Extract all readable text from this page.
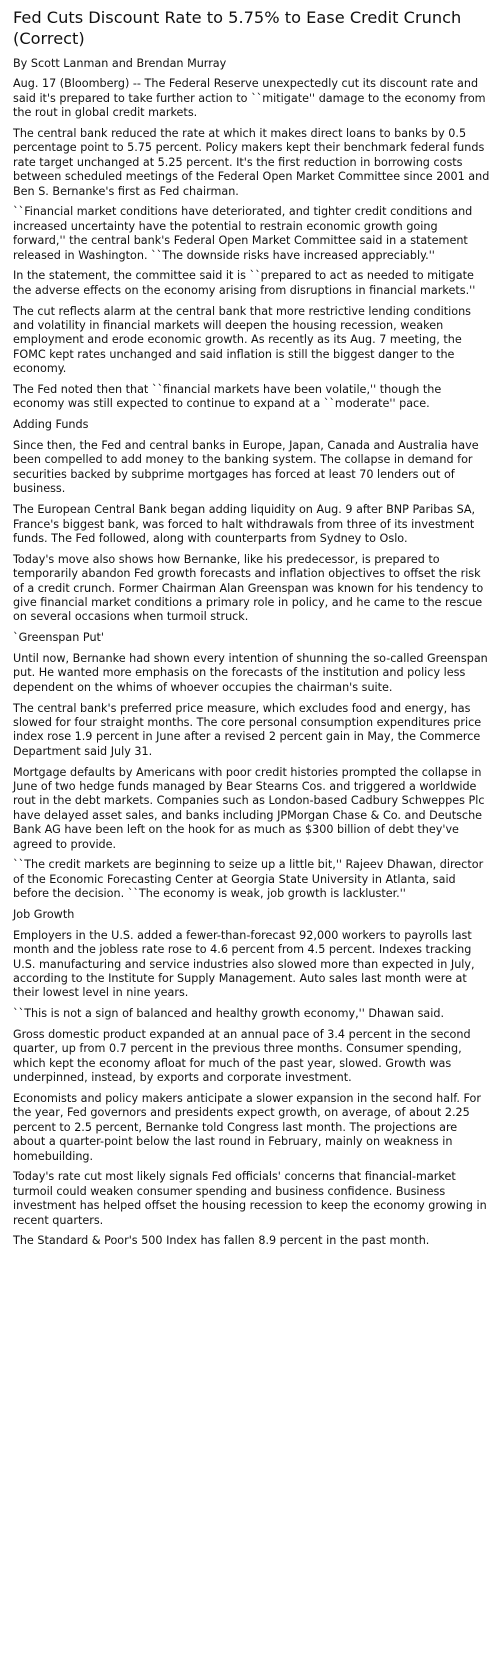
Fed Cuts Discount Rate to 5.75% to Ease Credit Crunch (Correct)
By Scott Lanman and Brendan Murray

Aug. 17 (Bloomberg) -- The Federal Reserve unexpectedly cut its discount rate and said it's prepared to take further action to ``mitigate'' damage to the economy from the rout in global credit markets.

The central bank reduced the rate at which it makes direct loans to banks by 0.5 percentage point to 5.75 percent. Policy makers kept their benchmark federal funds rate target unchanged at 5.25 percent. It's the first reduction in borrowing costs between scheduled meetings of the Federal Open Market Committee since 2001 and Ben S. Bernanke's first as Fed chairman.

``Financial market conditions have deteriorated, and tighter credit conditions and increased uncertainty have the potential to restrain economic growth going forward,'' the central bank's Federal Open Market Committee said in a statement released in Washington. ``The downside risks have increased appreciably.''

In the statement, the committee said it is ``prepared to act as needed to mitigate the adverse effects on the economy arising from disruptions in financial markets.''

The cut reflects alarm at the central bank that more restrictive lending conditions and volatility in financial markets will deepen the housing recession, weaken employment and erode economic growth. As recently as its Aug. 7 meeting, the FOMC kept rates unchanged and said inflation is still the biggest danger to the economy.

The Fed noted then that ``financial markets have been volatile,'' though the economy was still expected to continue to expand at a ``moderate'' pace.

Adding Funds

Since then, the Fed and central banks in Europe, Japan, Canada and Australia have been compelled to add money to the banking system. The collapse in demand for securities backed by subprime mortgages has forced at least 70 lenders out of business.

The European Central Bank began adding liquidity on Aug. 9 after BNP Paribas SA, France's biggest bank, was forced to halt withdrawals from three of its investment funds. The Fed followed, along with counterparts from Sydney to Oslo.

Today's move also shows how Bernanke, like his predecessor, is prepared to temporarily abandon Fed growth forecasts and inflation objectives to offset the risk of a credit crunch. Former Chairman Alan Greenspan was known for his tendency to give financial market conditions a primary role in policy, and he came to the rescue on several occasions when turmoil struck.

`Greenspan Put'

Until now, Bernanke had shown every intention of shunning the so-called Greenspan put. He wanted more emphasis on the forecasts of the institution and policy less dependent on the whims of whoever occupies the chairman's suite.

The central bank's preferred price measure, which excludes food and energy, has slowed for four straight months. The core personal consumption expenditures price index rose 1.9 percent in June after a revised 2 percent gain in May, the Commerce Department said July 31.

Mortgage defaults by Americans with poor credit histories prompted the collapse in June of two hedge funds managed by Bear Stearns Cos. and triggered a worldwide rout in the debt markets. Companies such as London-based Cadbury Schweppes Plc have delayed asset sales, and banks including JPMorgan Chase & Co. and Deutsche Bank AG have been left on the hook for as much as $300 billion of debt they've agreed to provide.

``The credit markets are beginning to seize up a little bit,'' Rajeev Dhawan, director of the Economic Forecasting Center at Georgia State University in Atlanta, said before the decision. ``The economy is weak, job growth is lackluster.''

Job Growth

Employers in the U.S. added a fewer-than-forecast 92,000 workers to payrolls last month and the jobless rate rose to 4.6 percent from 4.5 percent. Indexes tracking U.S. manufacturing and service industries also slowed more than expected in July, according to the Institute for Supply Management. Auto sales last month were at their lowest level in nine years.

``This is not a sign of balanced and healthy growth economy,'' Dhawan said.

Gross domestic product expanded at an annual pace of 3.4 percent in the second quarter, up from 0.7 percent in the previous three months. Consumer spending, which kept the economy afloat for much of the past year, slowed. Growth was underpinned, instead, by exports and corporate investment.

Economists and policy makers anticipate a slower expansion in the second half. For the year, Fed governors and presidents expect growth, on average, of about 2.25 percent to 2.5 percent, Bernanke told Congress last month. The projections are about a quarter-point below the last round in February, mainly on weakness in homebuilding.

Today's rate cut most likely signals Fed officials' concerns that financial-market turmoil could weaken consumer spending and business confidence. Business investment has helped offset the housing recession to keep the economy growing in recent quarters.

The Standard & Poor's 500 Index has fallen 8.9 percent in the past month.
